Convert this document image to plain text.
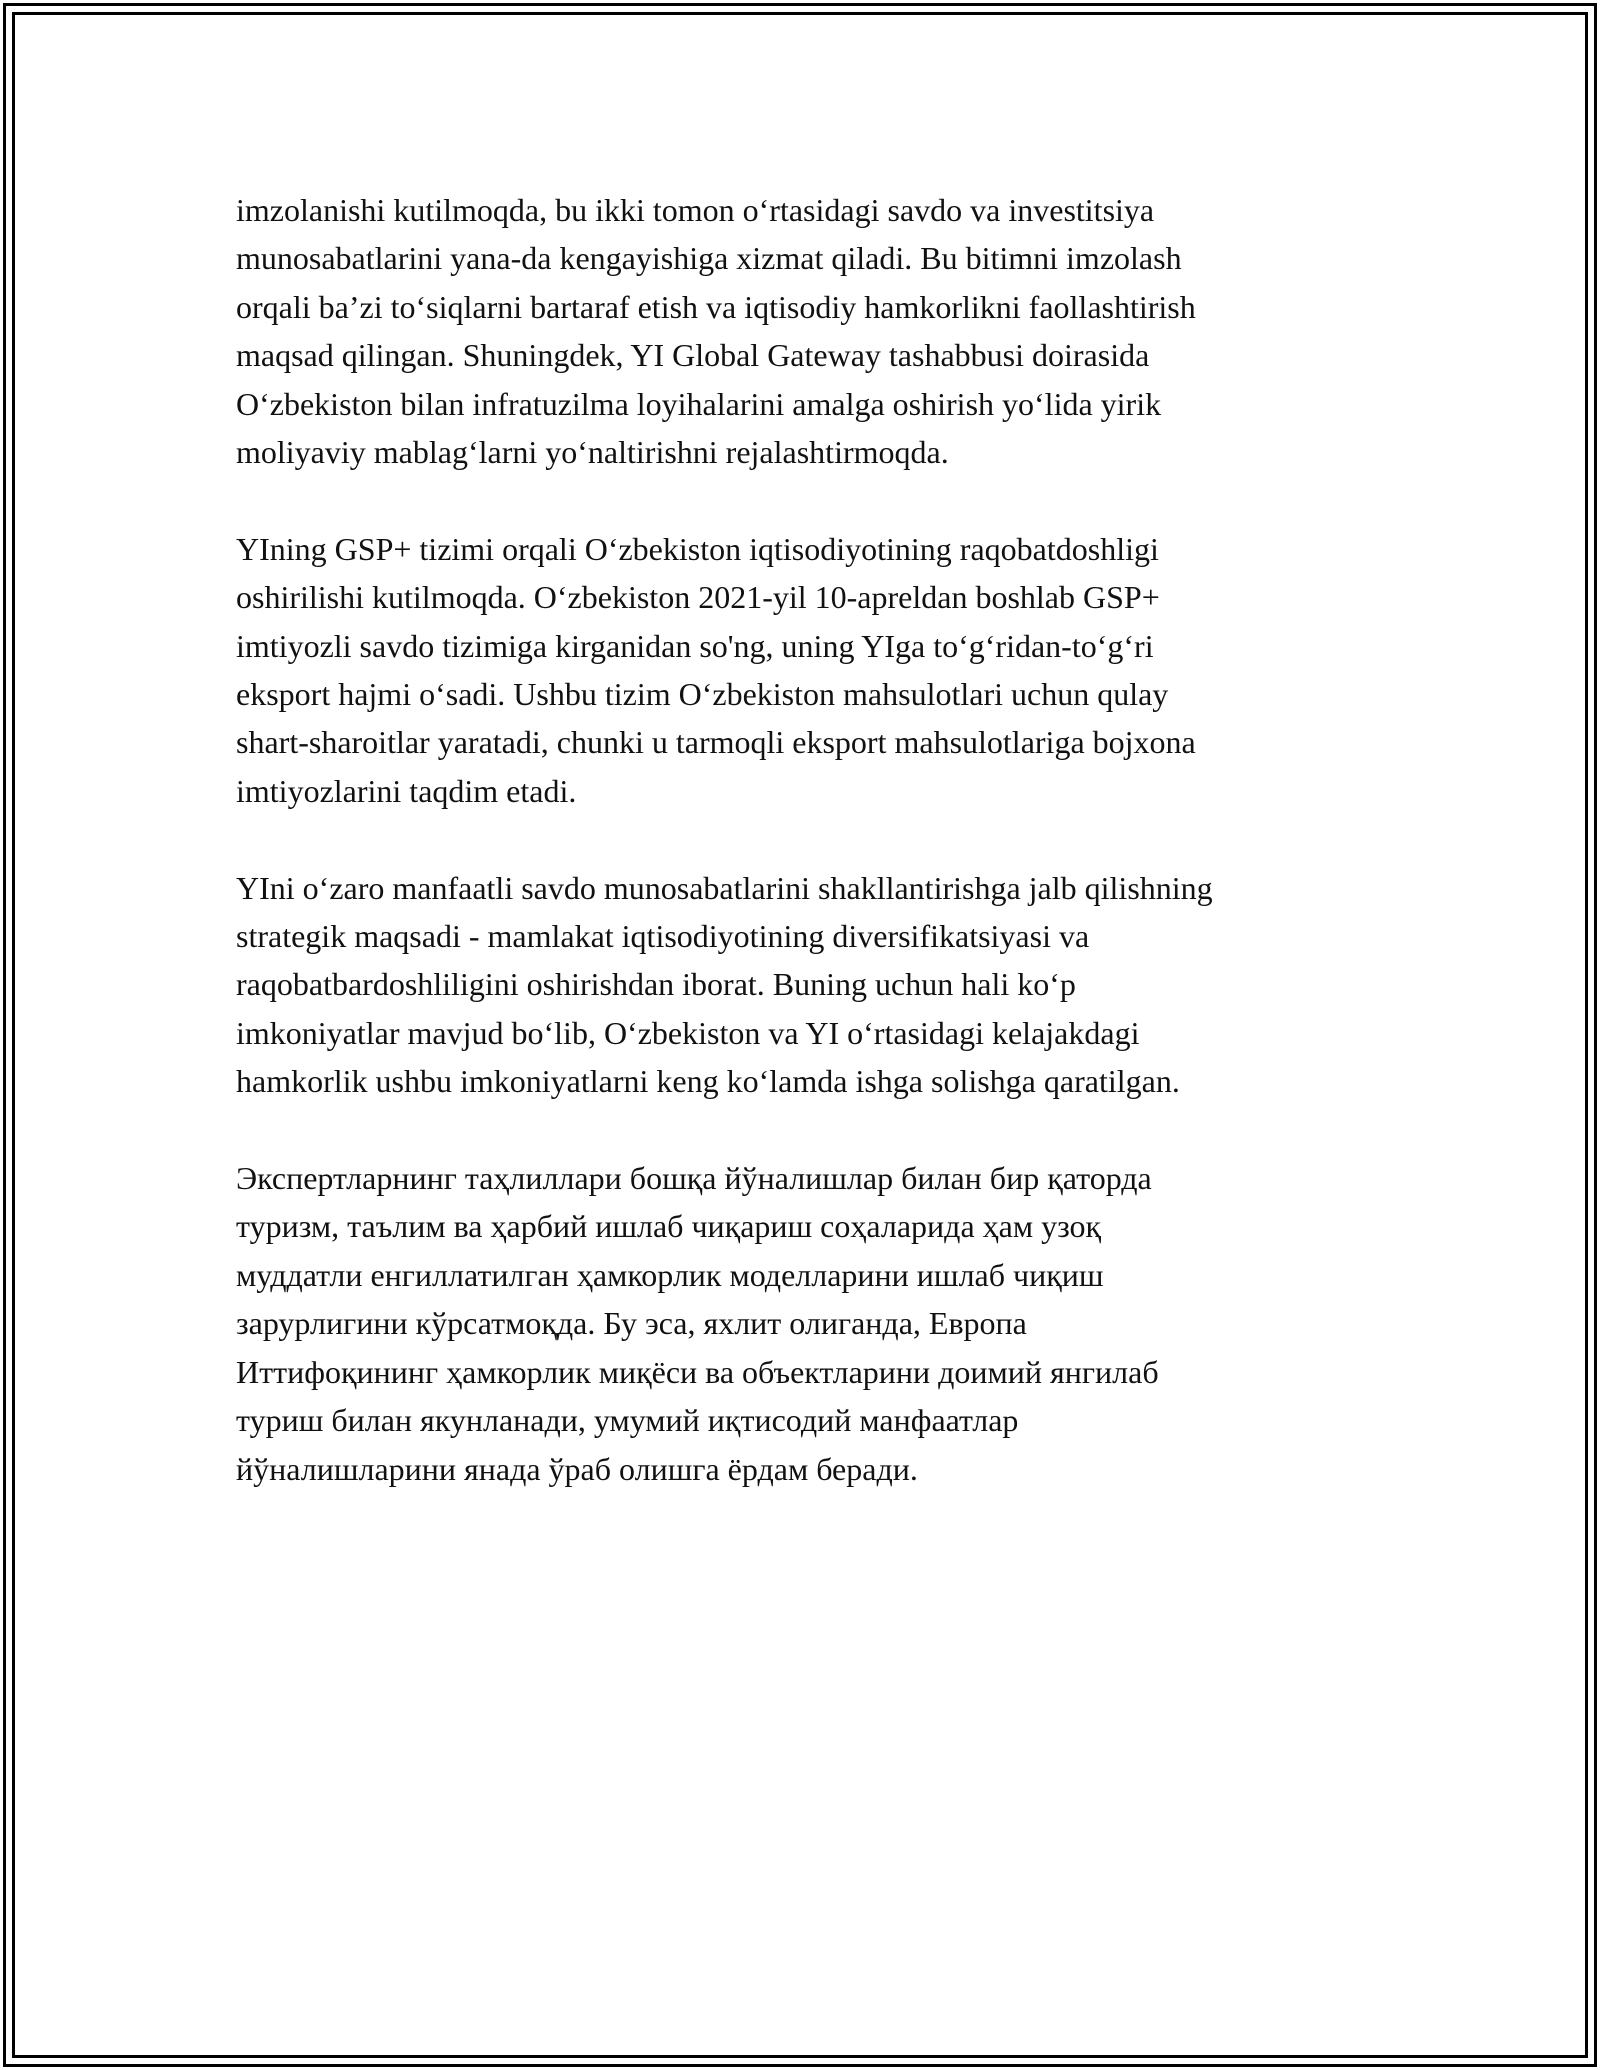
imzolanishi kutilmoqda, bu ikki tomon o‘rtasidagi savdo va investitsiya
munosabatlarini yana-da kengayishiga xizmat qiladi. Bu bitimni imzolash
orqali ba’zi to‘siqlarni bartaraf etish va iqtisodiy hamkorlikni faollashtirish
maqsad qilingan. Shuningdek, YI Global Gateway tashabbusi doirasida
O‘zbekiston bilan infratuzilma loyihalarini amalga oshirish yo‘lida yirik
moliyaviy mablag‘larni yo‘naltirishni rejalashtirmoqda.

YIning GSP+ tizimi orqali O‘zbekiston iqtisodiyotining raqobatdoshligi
oshirilishi kutilmoqda. O‘zbekiston 2021-yil 10-apreldan boshlab GSP+
imtiyozli savdo tizimiga kirganidan so'ng, uning YIga to‘g‘ridan-to‘g‘ri
eksport hajmi o‘sadi. Ushbu tizim O‘zbekiston mahsulotlari uchun qulay
shart-sharoitlar yaratadi, chunki u tarmoqli eksport mahsulotlariga bojxona
imtiyozlarini taqdim etadi.

YIni o‘zaro manfaatli savdo munosabatlarini shakllantirishga jalb qilishning
strategik maqsadi - mamlakat iqtisodiyotining diversifikatsiyasi va
raqobatbardoshliligini oshirishdan iborat. Buning uchun hali ko‘p
imkoniyatlar mavjud bo‘lib, O‘zbekiston va YI o‘rtasidagi kelajakdagi
hamkorlik ushbu imkoniyatlarni keng ko‘lamda ishga solishga qaratilgan.

Экспертларнинг таҳлиллари бошқа йўналишлар билан бир қаторда
туризм, таълим ва ҳарбий ишлаб чиқариш соҳаларида ҳам узоқ
муддатли енгиллатилган ҳамкорлик моделларини ишлаб чиқиш
зарурлигини кўрсатмоқда. Бу эса, яхлит олиганда, Европа
Иттифоқининг ҳамкорлик миқёси ва объектларини доимий янгилаб
туриш билан якунланади, умумий иқтисодий манфаатлар
йўналишларини янада ўраб олишга ёрдам беради.
